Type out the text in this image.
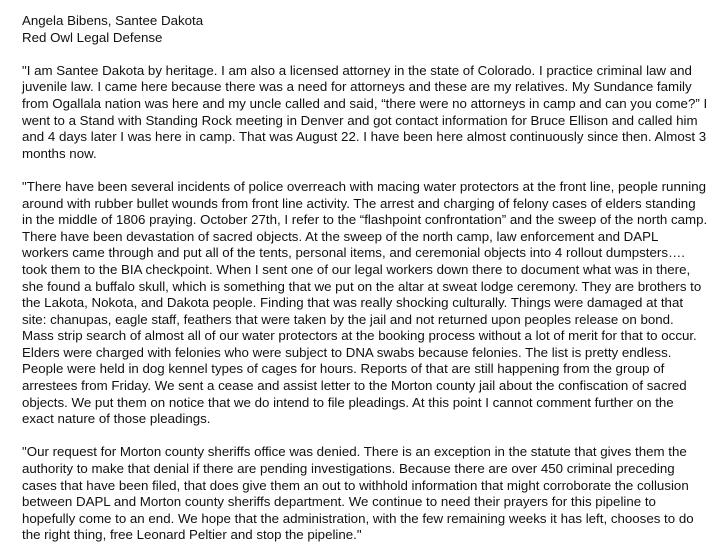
Angela Bibens, Santee Dakota

Red Owl Legal Defense

"I am Santee Dakota by heritage. I am also a licensed attorney in the state of Colorado. I practice criminal law and juvenile law. I came here because there was a need for attorneys and these are my relatives. My Sundance family from Ogallala nation was here and my uncle called and said, “there were no attorneys in camp and can you come?” I went to a Stand with Standing Rock meeting in Denver and got contact information for Bruce Ellison and called him and 4 days later I was here in camp. That was August 22. I have been here almost continuously since then. Almost 3 months now.

"There have been several incidents of police overreach with macing water protectors at the front line, people running around with rubber bullet wounds from front line activity. The arrest and charging of felony cases of elders standing in the middle of 1806 praying. October 27th, I refer to the “flashpoint confrontation” and the sweep of the north camp. There have been devastation of sacred objects. At the sweep of the north camp, law enforcement and DAPL workers came through and put all of the tents, personal items, and ceremonial objects into 4 rollout dumpsters…. took them to the BIA checkpoint. When I sent one of our legal workers down there to document what was in there, she found a buffalo skull, which is something that we put on the altar at sweat lodge ceremony. They are brothers to the Lakota, Nokota, and Dakota people. Finding that was really shocking culturally. Things were damaged at that site: chanupas, eagle staff, feathers that were taken by the jail and not returned upon peoples release on bond. Mass strip search of almost all of our water protectors at the booking process without a lot of merit for that to occur. Elders were charged with felonies who were subject to DNA swabs because felonies. The list is pretty endless. People were held in dog kennel types of cages for hours. Reports of that are still happening from the group of arrestees from Friday. We sent a cease and assist letter to the Morton county jail about the confiscation of sacred objects. We put them on notice that we do intend to file pleadings. At this point I cannot comment further on the exact nature of those pleadings.

"Our request for Morton county sheriffs office was denied. There is an exception in the statute that gives them the authority to make that denial if there are pending investigations. Because there are over 450 criminal preceding cases that have been filed, that does give them an out to withhold information that might corroborate the collusion between DAPL and Morton county sheriffs department. We continue to need their prayers for this pipeline to hopefully come to an end. We hope that the administration, with the few remaining weeks it has left, chooses to do the right thing, free Leonard Peltier and stop the pipeline."
